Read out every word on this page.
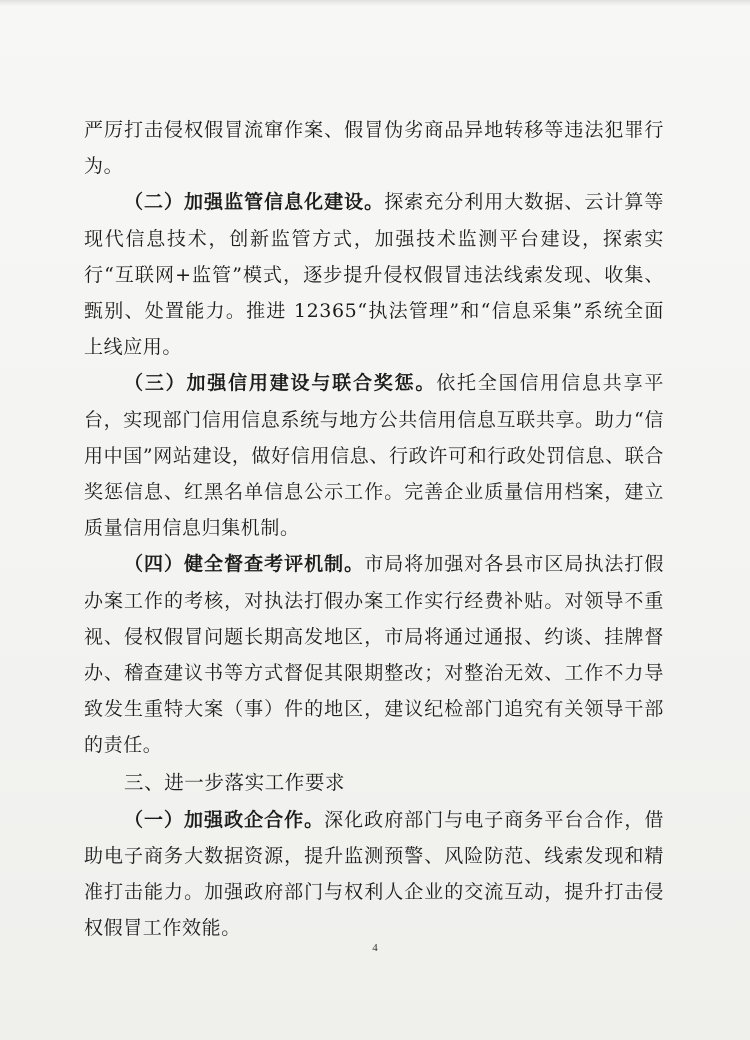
严厉打击侵权假冒流窜作案、假冒伪劣商品异地转移等违法犯罪行为。

（二）加强监管信息化建设。探索充分利用大数据、云计算等现代信息技术，创新监管方式，加强技术监测平台建设，探索实行“互联网+监管”模式，逐步提升侵权假冒违法线索发现、收集、甄别、处置能力。推进 12365“执法管理”和“信息采集”系统全面上线应用。

（三）加强信用建设与联合奖惩。依托全国信用信息共享平台，实现部门信用信息系统与地方公共信用信息互联共享。助力“信用中国”网站建设，做好信用信息、行政许可和行政处罚信息、联合奖惩信息、红黑名单信息公示工作。完善企业质量信用档案，建立质量信用信息归集机制。

（四）健全督查考评机制。市局将加强对各县市区局执法打假办案工作的考核，对执法打假办案工作实行经费补贴。对领导不重视、侵权假冒问题长期高发地区，市局将通过通报、约谈、挂牌督办、稽查建议书等方式督促其限期整改；对整治无效、工作不力导致发生重特大案（事）件的地区，建议纪检部门追究有关领导干部的责任。

三、进一步落实工作要求

（一）加强政企合作。深化政府部门与电子商务平台合作，借助电子商务大数据资源，提升监测预警、风险防范、线索发现和精准打击能力。加强政府部门与权利人企业的交流互动，提升打击侵权假冒工作效能。

4
